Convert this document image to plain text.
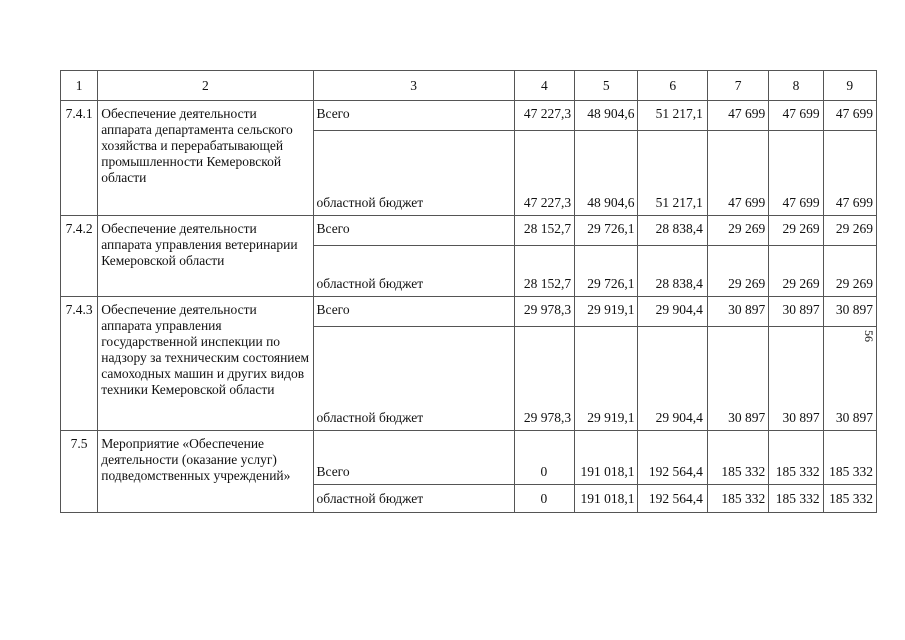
1	2	3	4	5	6	7	8	9
7.4.1	Обеспечение деятельности аппарата департамента сельского хозяйства и перерабатывающей промышленности Кемеровской области	Всего	47 227,3	48 904,6	51 217,1	47 699	47 699	47 699
		областной бюджет	47 227,3	48 904,6	51 217,1	47 699	47 699	47 699
7.4.2	Обеспечение деятельности аппарата управления ветеринарии Кемеровской области	Всего	28 152,7	29 726,1	28 838,4	29 269	29 269	29 269
		областной бюджет	28 152,7	29 726,1	28 838,4	29 269	29 269	29 269
7.4.3	Обеспечение деятельности аппарата управления государственной инспекции по надзору за техническим состоянием самоходных машин и других видов техники Кемеровской области	Всего	29 978,3	29 919,1	29 904,4	30 897	30 897	30 897
		областной бюджет	29 978,3	29 919,1	29 904,4	30 897	30 897	30 897
7.5	Мероприятие «Обеспечение деятельности (оказание услуг) подведомственных учреждений»	Всего	0	191 018,1	192 564,4	185 332	185 332	185 332
		областной бюджет	0	191 018,1	192 564,4	185 332	185 332	185 332
56
